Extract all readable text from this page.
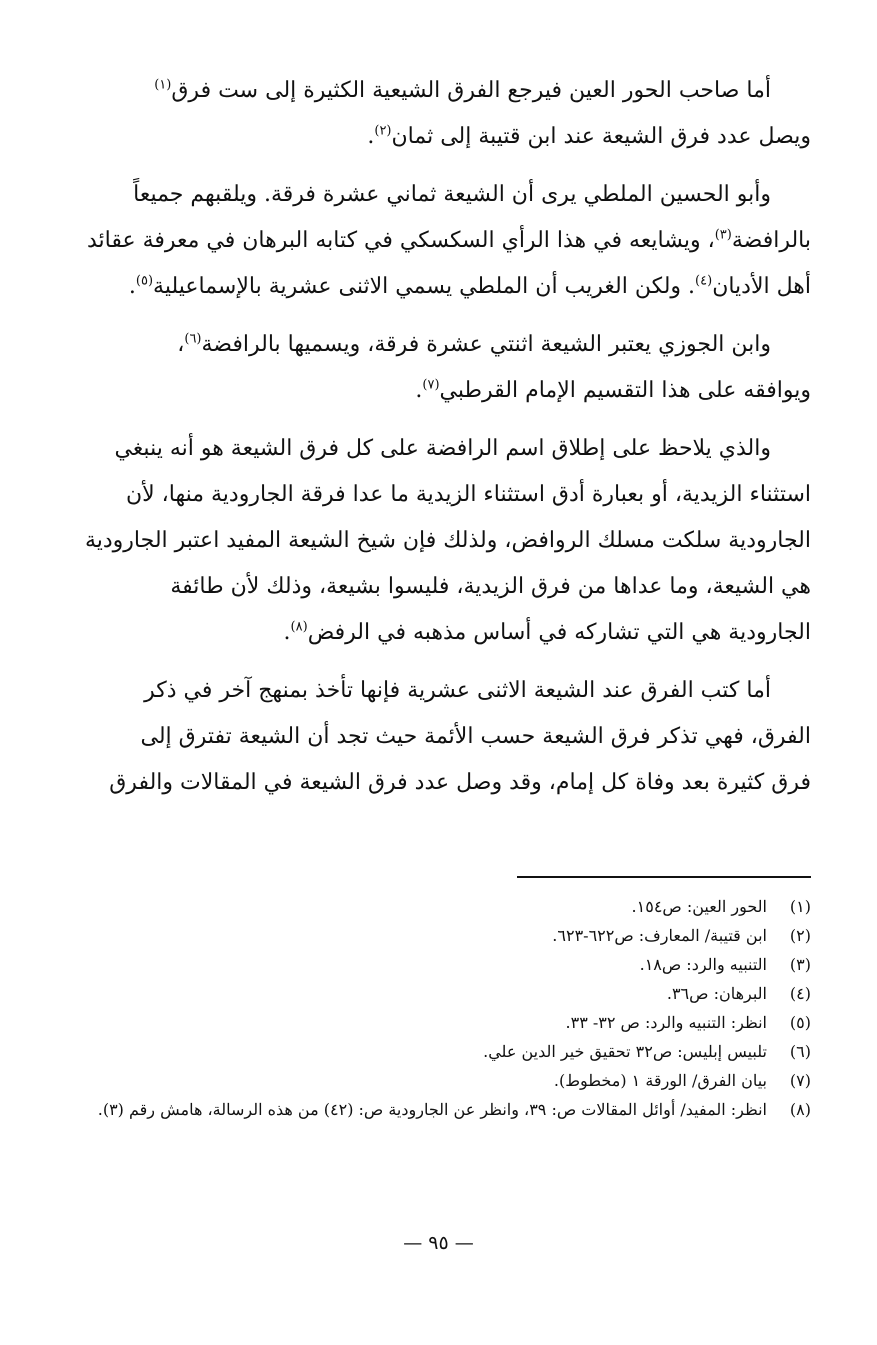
أما صاحب الحور العين فيرجع الفرق الشيعية الكثيرة إلى ست فرق$^{(١)}$
ويصل عدد فرق الشيعة عند ابن قتيبة إلى ثمان$^{(٢)}$.

وأبو الحسين الملطي يرى أن الشيعة ثماني عشرة فرقة. ويلقبهم جميعاً
بالرافضة$^{(٣)}$، ويشايعه في هذا الرأي السكسكي في كتابه البرهان في معرفة عقائد
أهل الأديان$^{(٤)}$. ولكن الغريب أن الملطي يسمي الاثنى عشرية بالإسماعيلية$^{(٥)}$.

وابن الجوزي يعتبر الشيعة اثنتي عشرة فرقة، ويسميها بالرافضة$^{(٦)}$،
ويوافقه على هذا التقسيم الإمام القرطبي$^{(٧)}$.

والذي يلاحظ على إطلاق اسم الرافضة على كل فرق الشيعة هو أنه ينبغي
استثناء الزيدية، أو بعبارة أدق استثناء الزيدية ما عدا فرقة الجارودية منها، لأن
الجارودية سلكت مسلك الروافض، ولذلك فإن شيخ الشيعة المفيد اعتبر الجارودية
هي الشيعة، وما عداها من فرق الزيدية، فليسوا بشيعة، وذلك لأن طائفة
الجارودية هي التي تشاركه في أساس مذهبه في الرفض$^{(٨)}$.

أما كتب الفرق عند الشيعة الاثنى عشرية فإنها تأخذ بمنهج آخر في ذكر
الفرق، فهي تذكر فرق الشيعة حسب الأئمة حيث تجد أن الشيعة تفترق إلى
فرق كثيرة بعد وفاة كل إمام، وقد وصل عدد فرق الشيعة في المقالات والفرق

(١)
الحور العين: ص١٥٤.
(٢)
ابن قتيبة/ المعارف: ص٦٢٢-٦٢٣.
(٣)
التنبيه والرد: ص١٨.
(٤)
البرهان: ص٣٦.
(٥)
انظر: التنبيه والرد: ص ٣٢- ٣٣.
(٦)
تلبيس إبليس: ص٣٢ تحقيق خير الدين علي.
(٧)
بيان الفرق/ الورقة ١ (مخطوط).
(٨)
انظر: المفيد/ أوائل المقالات ص: ٣٩، وانظر عن الجارودية ص: (٤٢) من هذه الرسالة، هامش رقم (٣).
— ٩٥ —
